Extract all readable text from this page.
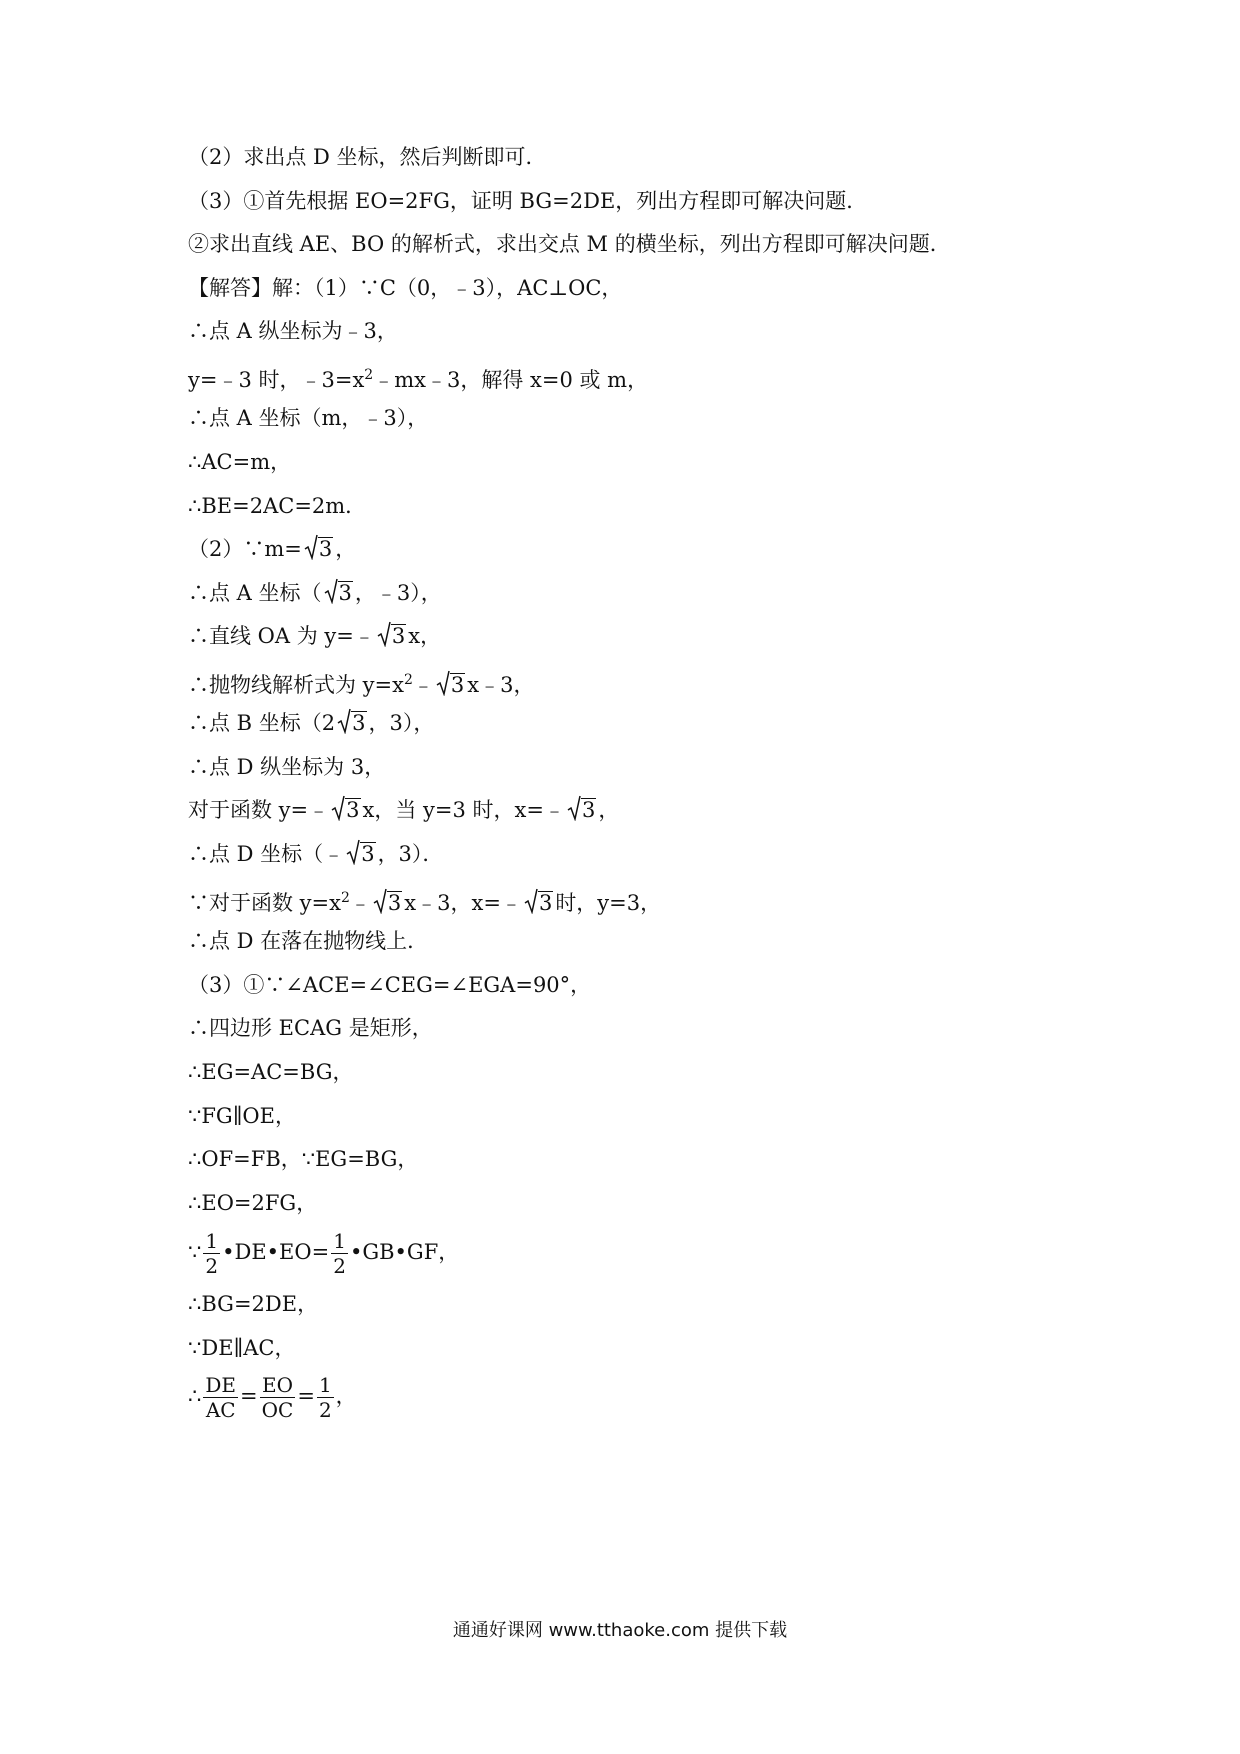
（2）求出点 D 坐标，然后判断即可．
（3）①首先根据 EO=2FG，证明 BG=2DE，列出方程即可解决问题．
②求出直线 AE、BO 的解析式，求出交点 M 的横坐标，列出方程即可解决问题．
【解答】解：（1）∵C（0，﹣3），AC⊥OC，
∴点 A 纵坐标为﹣3，
y=﹣3 时，$﹣3=x^2﹣mx﹣3$，解得 x=0 或 m，
∴点 A 坐标（m，﹣3），
∴AC=m，
∴BE=2AC=2m．
（2）∵m= 3 ，
∴点 A 坐标（ 3 ，﹣3），
∴直线 OA 为 y=﹣ 3 x，
∴抛物线解析式为 $y=x^2﹣$ 3 x﹣3，
∴点 B 坐标（2 3 ，3），
∴点 D 纵坐标为 3，
对于函数 y=﹣ 3 x，当 y=3 时，x=﹣ 3 ，
∴点 D 坐标（﹣ 3 ，3）．
∵对于函数 $y=x^2﹣$ 3 x﹣3，x=﹣ 3 时，y=3，
∴点 D 在落在抛物线上．
（3）①∵∠ACE=∠CEG=∠EGA=90°，
∴四边形 ECAG 是矩形，
∴EG=AC=BG，
∵FG∥OE，
∴OF=FB，∵EG=BG，
∴EO=2FG，
∵ $\frac{1}{2}$ •DE•EO= $\frac{1}{2}$ •GB•GF，
∴BG=2DE，
∵DE∥AC，
∴ $\frac{DE}{AC} = \frac{EO}{OC} = \frac{1}{2}$ ，
通通好课网 www.tthaoke.com 提供下载
